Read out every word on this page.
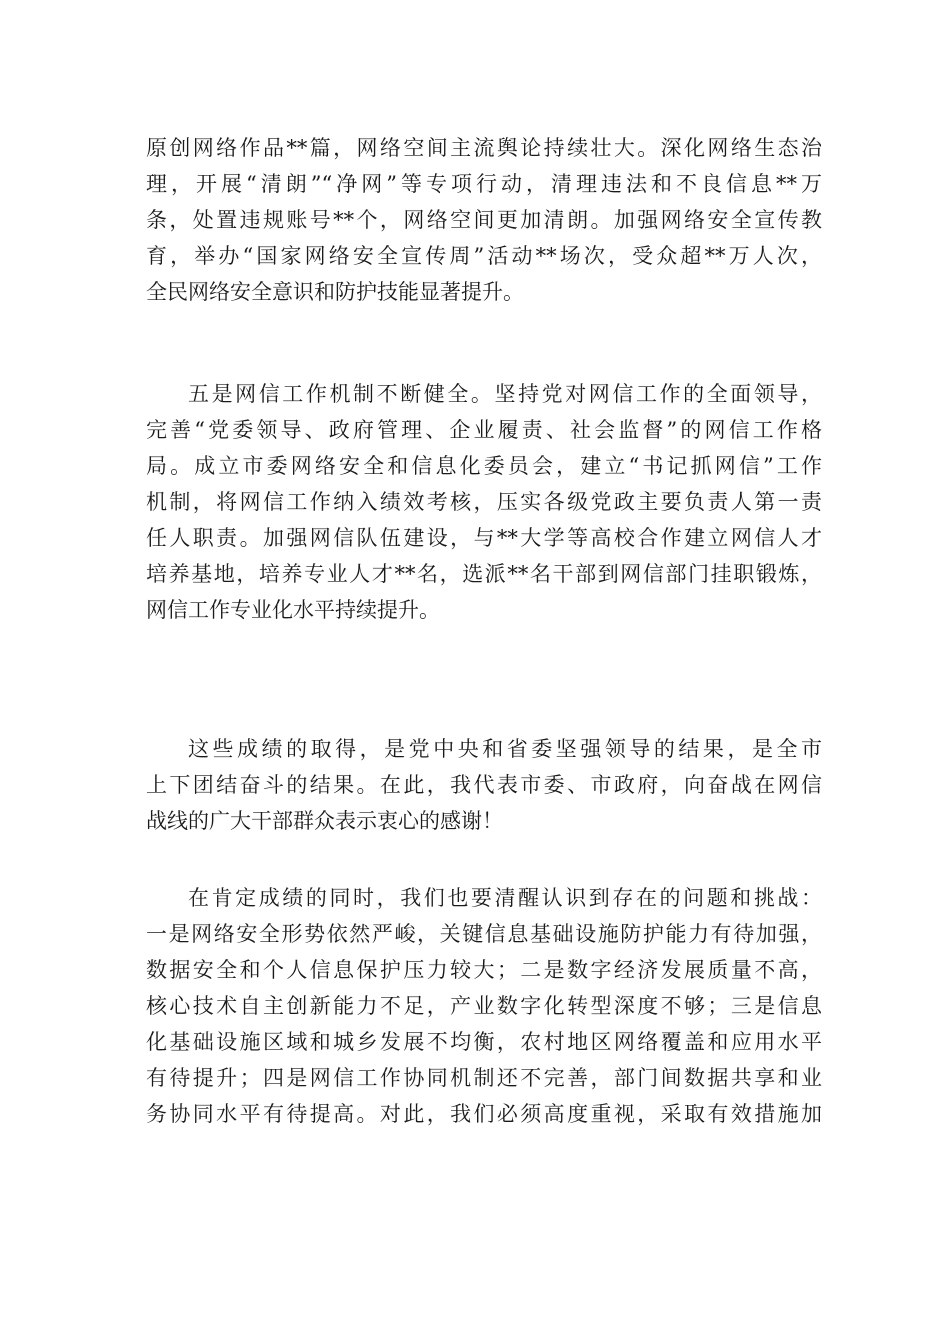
原创网络作品**篇，网络空间主流舆论持续壮大。深化网络生态治
理，开展“清朗”“净网”等专项行动，清理违法和不良信息**万
条，处置违规账号**个，网络空间更加清朗。加强网络安全宣传教
育，举办“国家网络安全宣传周”活动**场次，受众超**万人次，
全民网络安全意识和防护技能显著提升。
五是网信工作机制不断健全。坚持党对网信工作的全面领导，
完善“党委领导、政府管理、企业履责、社会监督”的网信工作格
局。成立市委网络安全和信息化委员会，建立“书记抓网信”工作
机制，将网信工作纳入绩效考核，压实各级党政主要负责人第一责
任人职责。加强网信队伍建设，与**大学等高校合作建立网信人才
培养基地，培养专业人才**名，选派**名干部到网信部门挂职锻炼，
网信工作专业化水平持续提升。
这些成绩的取得，是党中央和省委坚强领导的结果，是全市
上下团结奋斗的结果。在此，我代表市委、市政府，向奋战在网信
战线的广大干部群众表示衷心的感谢！
在肯定成绩的同时，我们也要清醒认识到存在的问题和挑战：
一是网络安全形势依然严峻，关键信息基础设施防护能力有待加强，
数据安全和个人信息保护压力较大；二是数字经济发展质量不高，
核心技术自主创新能力不足，产业数字化转型深度不够；三是信息
化基础设施区域和城乡发展不均衡，农村地区网络覆盖和应用水平
有待提升；四是网信工作协同机制还不完善，部门间数据共享和业
务协同水平有待提高。对此，我们必须高度重视，采取有效措施加
